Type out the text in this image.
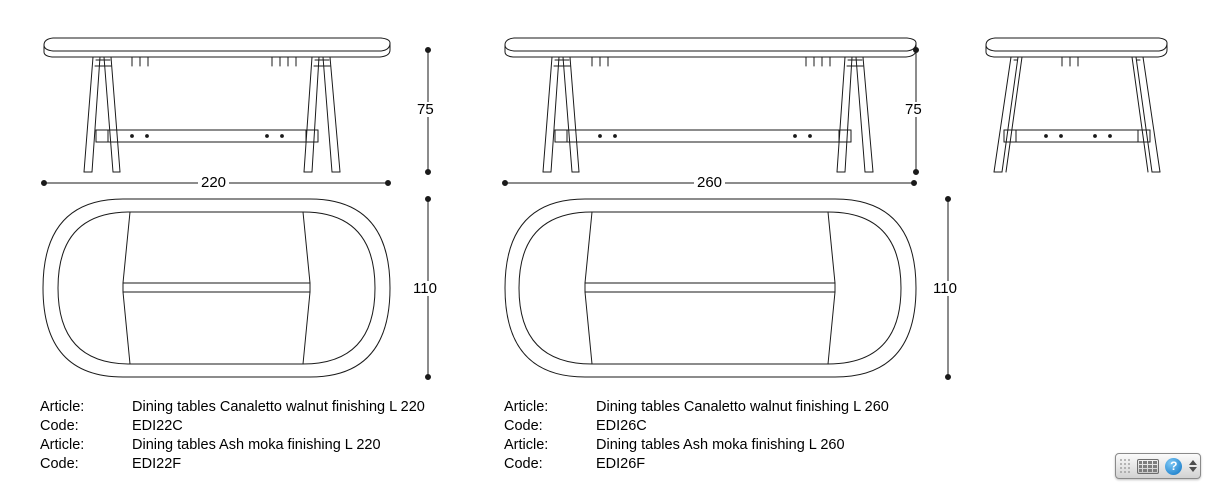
75
220
110
75
260
110
Article:	Dining tables Canaletto walnut finishing L 220
Code:	EDI22C
Article:	Dining tables Ash moka finishing L 220
Code:	EDI22F
Article:	Dining tables Canaletto walnut finishing L 260
Code:	EDI26C
Article:	Dining tables Ash moka finishing L 260
Code:	EDI26F	?
